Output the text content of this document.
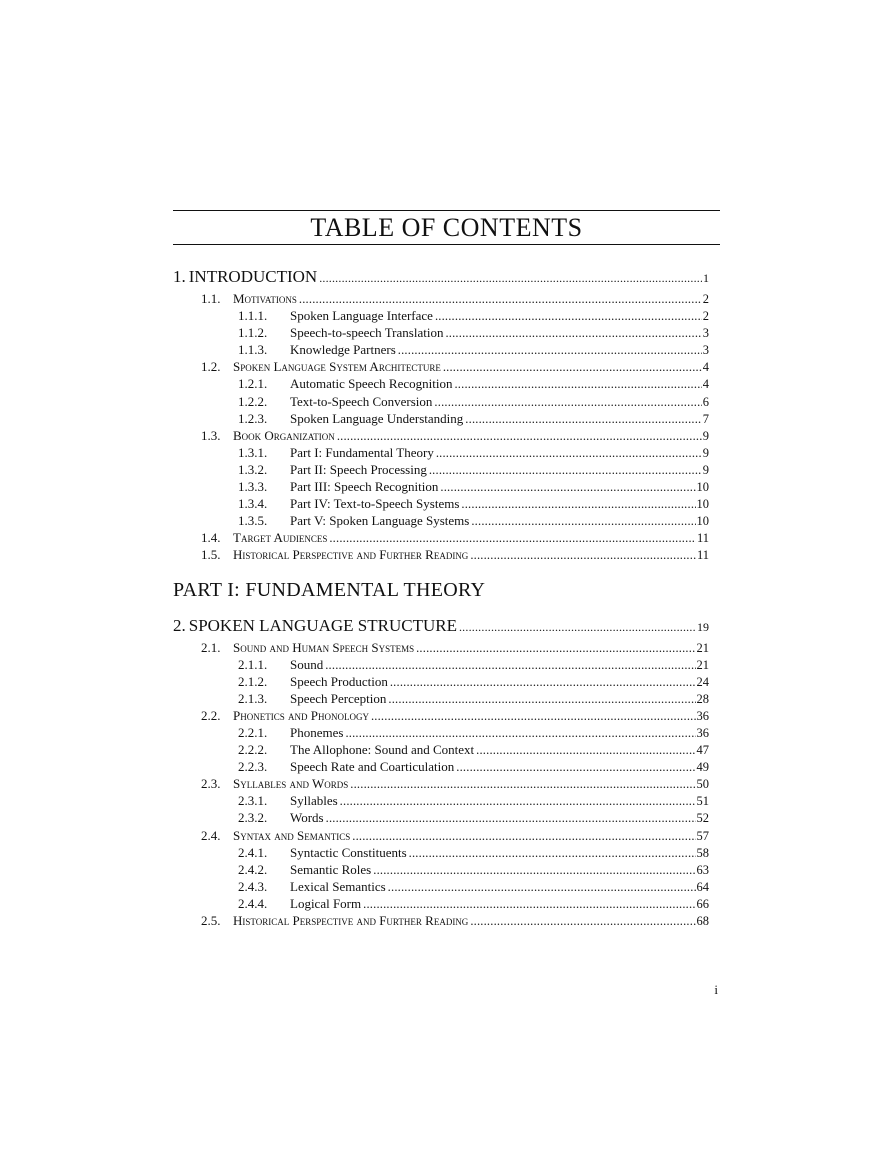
TABLE OF CONTENTS
1. INTRODUCTION .....	1
1.1. Motivations .....	2
1.1.1.	Spoken Language Interface .....	2
1.1.2.	Speech-to-speech Translation .....	3
1.1.3.	Knowledge Partners .....	3
1.2. Spoken Language System Architecture .....	4
1.2.1.	Automatic Speech Recognition .....	4
1.2.2.	Text-to-Speech Conversion .....	6
1.2.3.	Spoken Language Understanding .....	7
1.3. Book Organization .....	9
1.3.1.	Part I: Fundamental Theory .....	9
1.3.2.	Part II: Speech Processing .....	9
1.3.3.	Part III: Speech Recognition .....	10
1.3.4.	Part IV: Text-to-Speech Systems .....	10
1.3.5.	Part V: Spoken Language Systems .....	10
1.4. Target Audiences .....	11
1.5. Historical Perspective and Further Reading .....	11
PART I: FUNDAMENTAL THEORY
2. SPOKEN LANGUAGE STRUCTURE .....	19
2.1. Sound and Human Speech Systems .....	21
2.1.1.	Sound .....	21
2.1.2.	Speech Production .....	24
2.1.3.	Speech Perception .....	28
2.2. Phonetics and Phonology .....	36
2.2.1.	Phonemes .....	36
2.2.2.	The Allophone: Sound and Context .....	47
2.2.3.	Speech Rate and Coarticulation .....	49
2.3. Syllables and Words .....	50
2.3.1.	Syllables .....	51
2.3.2.	Words .....	52
2.4. Syntax and Semantics .....	57
2.4.1.	Syntactic Constituents .....	58
2.4.2.	Semantic Roles .....	63
2.4.3.	Lexical Semantics .....	64
2.4.4.	Logical Form .....	66
2.5. Historical Perspective and Further Reading .....	68
i
